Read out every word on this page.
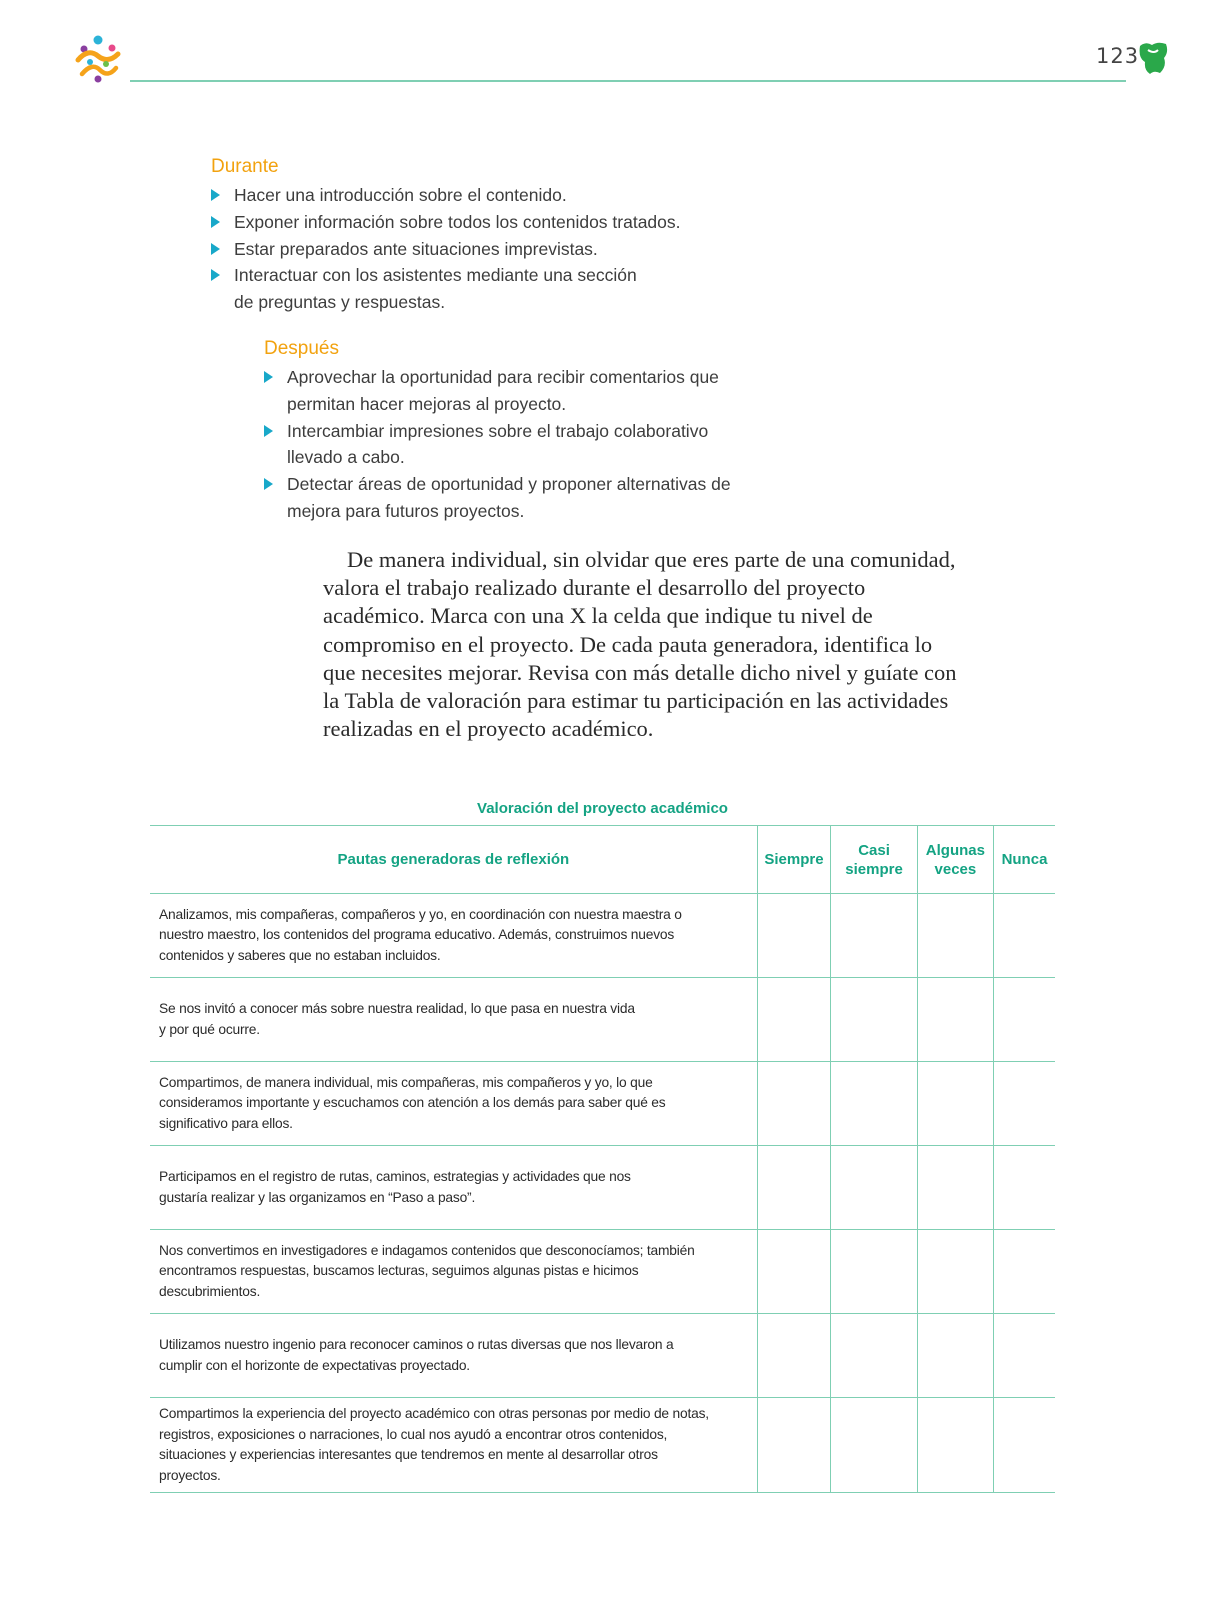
123
Durante
Hacer una introducción sobre el contenido.
Exponer información sobre todos los contenidos tratados.
Estar preparados ante situaciones imprevistas.
Interactuar con los asistentes mediante una sección de preguntas y respuestas.
Después
Aprovechar la oportunidad para recibir comentarios que permitan hacer mejoras al proyecto.
Intercambiar impresiones sobre el trabajo colaborativo llevado a cabo.
Detectar áreas de oportunidad y proponer alternativas de mejora para futuros proyectos.

De manera individual, sin olvidar que eres parte de una comunidad, valora el trabajo realizado durante el desarrollo del proyecto académico. Marca con una X la celda que indique tu nivel de compromiso en el proyecto. De cada pauta generadora, identifica lo que necesites mejorar. Revisa con más detalle dicho nivel y guíate con la Tabla de valoración para estimar tu participación en las actividades realizadas en el proyecto académico.

Valoración del proyecto académico
Pautas generadoras de reflexión	Siempre	Casi siempre	Algunas veces	Nunca
Analizamos, mis compañeras, compañeros y yo, en coordinación con nuestra maestra o nuestro maestro, los contenidos del programa educativo. Además, construimos nuevos contenidos y saberes que no estaban incluidos.				
Se nos invitó a conocer más sobre nuestra realidad, lo que pasa en nuestra vida y por qué ocurre.				
Compartimos, de manera individual, mis compañeras, mis compañeros y yo, lo que consideramos importante y escuchamos con atención a los demás para saber qué es significativo para ellos.				
Participamos en el registro de rutas, caminos, estrategias y actividades que nos gustaría realizar y las organizamos en “Paso a paso”.				
Nos convertimos en investigadores e indagamos contenidos que desconocíamos; también encontramos respuestas, buscamos lecturas, seguimos algunas pistas e hicimos descubrimientos.				
Utilizamos nuestro ingenio para reconocer caminos o rutas diversas que nos llevaron a cumplir con el horizonte de expectativas proyectado.				
Compartimos la experiencia del proyecto académico con otras personas por medio de notas, registros, exposiciones o narraciones, lo cual nos ayudó a encontrar otros contenidos, situaciones y experiencias interesantes que tendremos en mente al desarrollar otros proyectos.				
